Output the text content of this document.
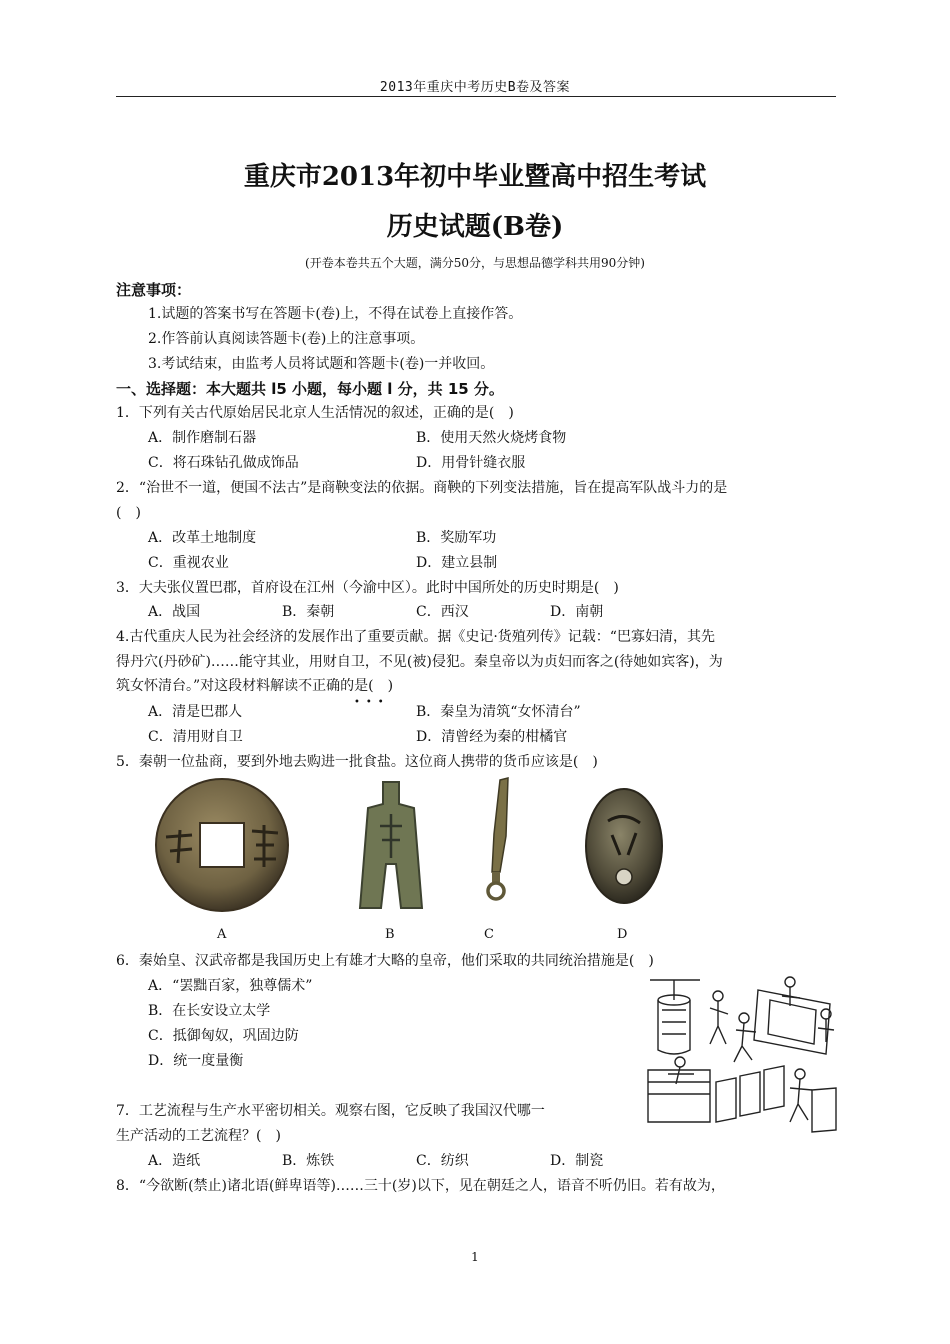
2013年重庆中考历史B卷及答案
重庆市2013年初中毕业暨高中招生考试
历史试题(B卷)
(开卷本卷共五个大题，满分50分，与思想品德学科共用90分钟)
注意事项：
1.试题的答案书写在答题卡(卷)上，不得在试卷上直接作答。
2.作答前认真阅读答题卡(卷)上的注意事项。
3.考试结束，由监考人员将试题和答题卡(卷)一并收回。
一、选择题：本大题共 l5 小题，每小题 l 分，共 15 分。
1．下列有关古代原始居民北京人生活情况的叙述，正确的是(　)
A．制作磨制石器	B．使用天然火烧烤食物
C．将石珠钻孔做成饰品	D．用骨针缝衣服
2．“治世不一道，便国不法古”是商鞅变法的依据。商鞅的下列变法措施，旨在提高军队战斗力的是
(　)
A．改革土地制度	B．奖励军功
C．重视农业	D．建立县制
3．大夫张仪置巴郡，首府设在江州（今渝中区）。此时中国所处的历史时期是(　)
A．战国	B．秦朝	C．西汉	D．南朝
4.古代重庆人民为社会经济的发展作出了重要贡献。据《史记·货殖列传》记载：“巴寡妇清，其先
得丹穴(丹砂矿)……能守其业，用财自卫，不见(被)侵犯。秦皇帝以为贞妇而客之(待她如宾客)，为
筑女怀清台。”对这段材料解读不正确的是(　)
•••
A．清是巴郡人	B．秦皇为清筑“女怀清台”
C．清用财自卫	D．清曾经为秦的柑橘官
5．秦朝一位盐商，要到外地去购进一批食盐。这位商人携带的货币应该是(　)
A	B	C	D
6．秦始皇、汉武帝都是我国历史上有雄才大略的皇帝，他们采取的共同统治措施是(　)
A．“罢黜百家，独尊儒术”
B．在长安设立太学
C．抵御匈奴，巩固边防
D．统一度量衡
7．工艺流程与生产水平密切相关。观察右图，它反映了我国汉代哪一
生产活动的工艺流程？(　)
A．造纸	B．炼铁	C．纺织	D．制瓷
8．“今欲断(禁止)诸北语(鲜卑语等)……三十(岁)以下，见在朝廷之人，语音不听仍旧。若有故为，
1
